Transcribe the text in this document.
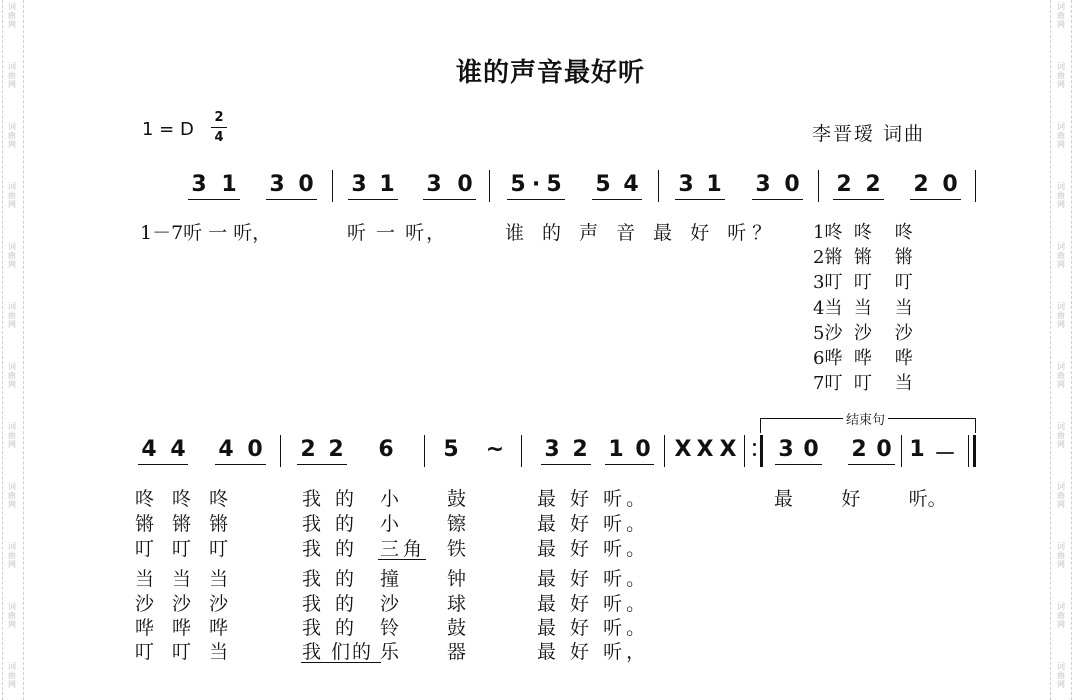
词
曲
网
词
曲
网
词
曲
网
词
曲
网
词
曲
网
词
曲
网
词
曲
网
词
曲
网
词
曲
网
词
曲
网
词
曲
网
词
曲
网
词
曲
网
词
曲
网
词
曲
网
词
曲
网
词
曲
网
词
曲
网
词
曲
网
词
曲
网
词
曲
网
词
曲
网
词
曲
网
词
曲
网
谁的声音最好听
1 = D
2
4	李晋瑷 词曲
3 1 3 0 3 1 3 0 5 · 5 5 4 3 1 3 0 2 2 2 0
1－7听 一 听，	听 一 听，	谁 的 声 音 最 好 听？ 1咚  咚    咚
2锵  锵    锵
3叮  叮    叮
4当  当    当
5沙  沙    沙
6哗  哗    哗
7叮  叮    当
结束句
4 4 4 0 2 2 6 5 ~ 3 2 1 0 X X X 3 0 2 0 1 －
咚 咚 咚	我 的 小	鼓	最 好 听。
锵 锵 锵	我 的 小	镲	最 好 听。
叮 叮 叮	我 的 三角 铁	最 好 听。
当 当 当	我 的 撞	钟	最 好 听。
沙 沙 沙	我 的 沙	球	最 好 听。
哗 哗 哗	我 的 铃	鼓	最 好 听。
叮 叮 当	我 们的 乐	器	最 好 听，
最        好        听。
